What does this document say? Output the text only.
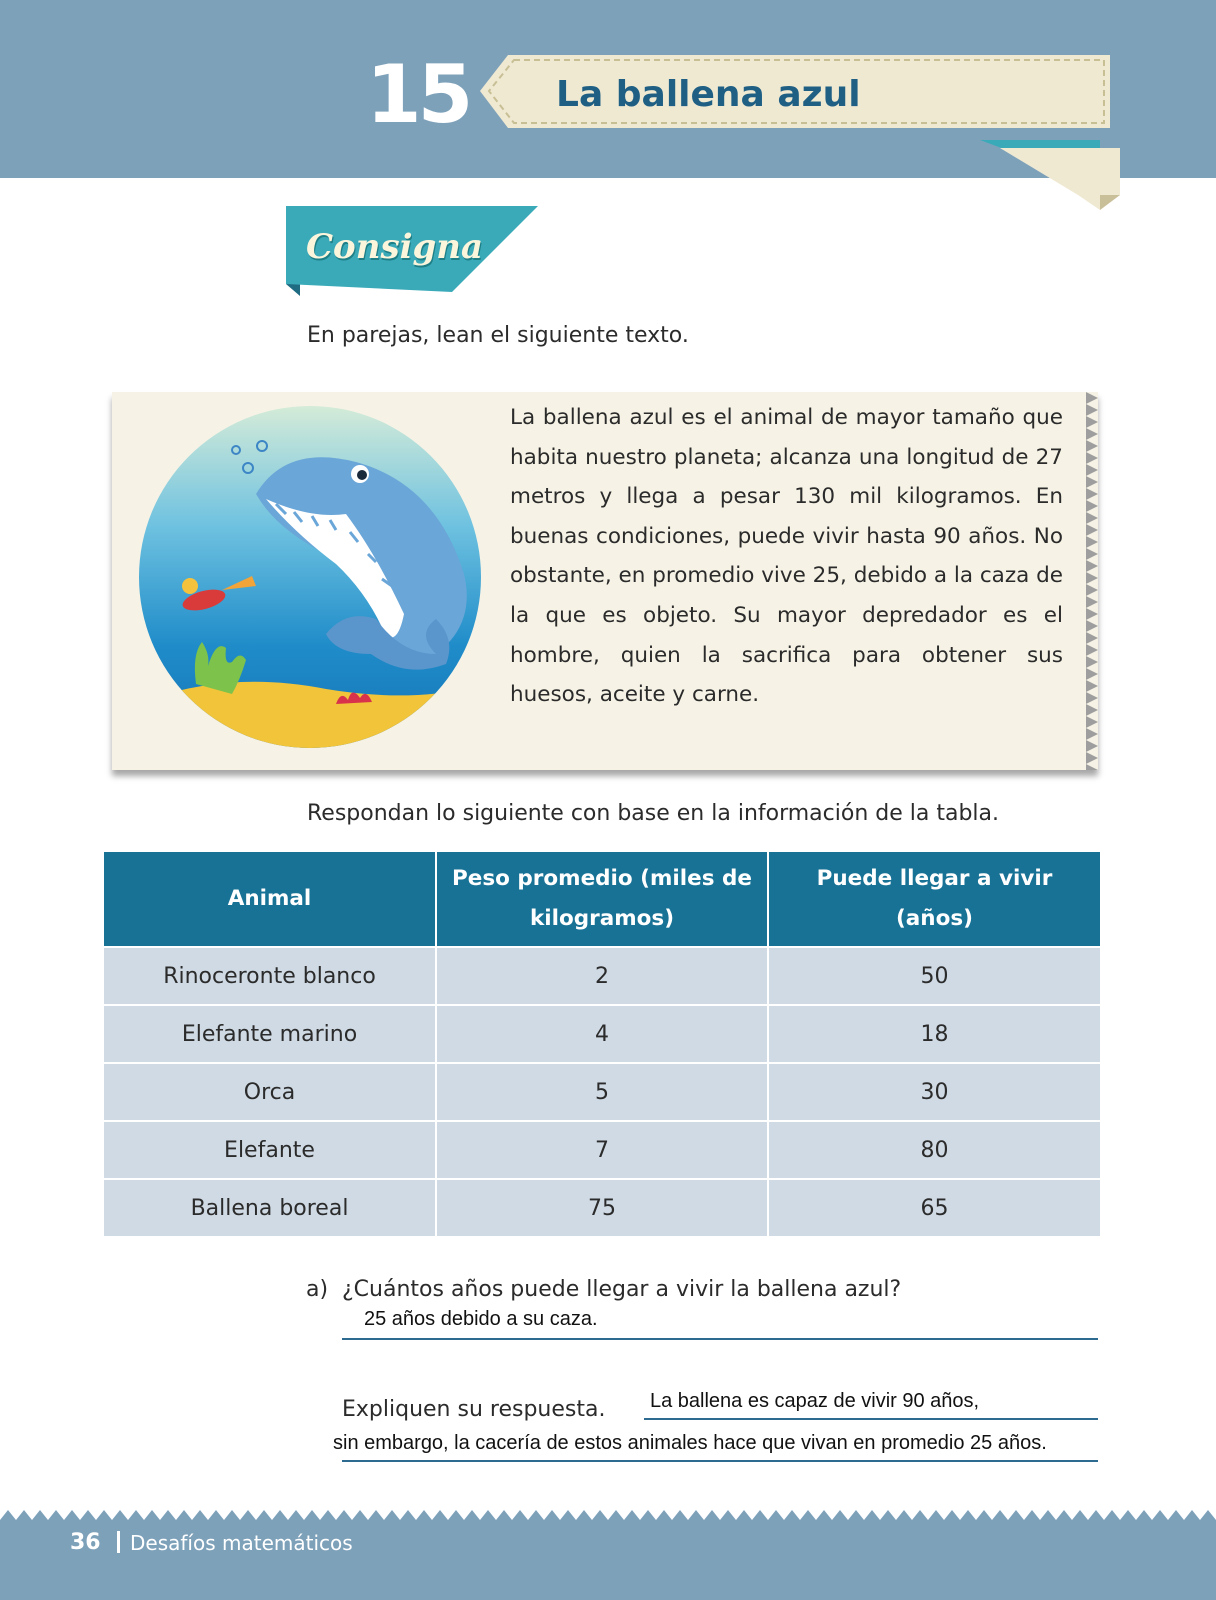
15 La ballena azul
Consigna
En parejas, lean el siguiente texto.
La ballena azul es el animal de mayor tamaño que habita nuestro planeta; alcanza una longitud de 27 metros y llega a pesar 130 mil kilogramos. En buenas condiciones, puede vivir hasta 90 años. No obstante, en promedio vive 25, debido a la caza de la que es objeto. Su mayor depredador es el hombre, quien la sacrifica para obtener sus huesos, aceite y carne.
Respondan lo siguiente con base en la información de la tabla.
Animal	Peso promedio (miles de kilogramos)	Puede llegar a vivir (años)
Rinoceronte blanco	2	50
Elefante marino	4	18
Orca	5	30
Elefante	7	80
Ballena boreal	75	65
a) ¿Cuántos años puede llegar a vivir la ballena azul?
25 años debido a su caza.
Expliquen su respuesta. La ballena es capaz de vivir 90 años,
sin embargo, la cacería de estos animales hace que vivan en promedio 25 años.
36 Desafíos matemáticos
